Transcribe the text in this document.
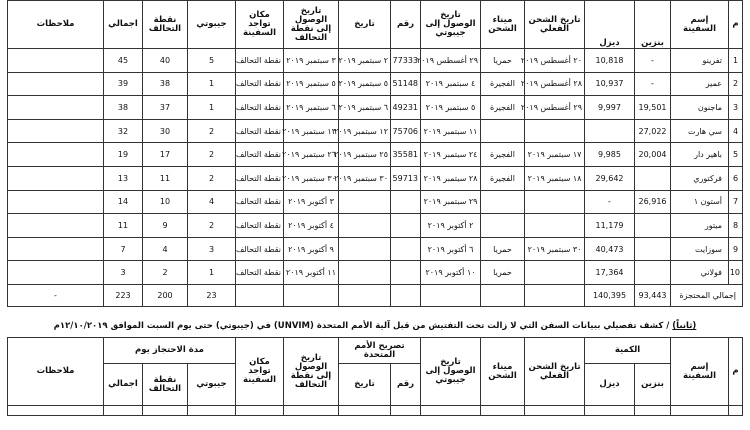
م	إسم السفينة	بنزين	ديزل	تاريخ الشحن الفعلي	ميناء الشحن	تاريخ الوصول إلى جيبوتي	رقم	تاريخ	تاريخ الوصول إلى نقطة التحالف	مكان تواجد السفينة	جيبوتي	نقطة التحالف	اجمالي	ملاحظات
1	تفرينو	-	10,818	٢٠ أغسطس ٢٠١٩	حمريا	٢٩ أغسطس ٢٠١٩	77333	٢ سبتمبر ٢٠١٩	٣ سبتمبر ٢٠١٩	نقطة التحالف	5	40	45	
2	عمير	-	10,937	٢٨ أغسطس ٢٠١٩	الفجيرة	٤ سبتمبر ٢٠١٩	51148	٥ سبتمبر ٢٠١٩	٥ سبتمبر ٢٠١٩	نقطة التحالف	1	38	39	
3	ماجنون	19,501	9,997	٢٩ أغسطس ٢٠١٩	الفجيرة	٥ سبتمبر ٢٠١٩	49231	٦ سبتمبر ٢٠١٩	٦ سبتمبر ٢٠١٩	نقطة التحالف	1	37	38	
4	سي هارت	27,022				١١ سبتمبر ٢٠١٩	75706	١٢ سبتمبر ٢٠١٩	١٣ سبتمبر ٢٠١٩	نقطة التحالف	2	30	32	
5	باهير دار	20,004	9,985	١٧ سبتمبر ٢٠١٩	الفجيرة	٢٤ سبتمبر ٢٠١٩	35581	٢٥ سبتمبر ٢٠١٩	٢٦ سبتمبر ٢٠١٩	نقطة التحالف	2	17	19	
6	فركتوري		29,642	١٨ سبتمبر ٢٠١٩	الفجيرة	٢٨ سبتمبر ٢٠١٩	59713	٣٠ سبتمبر ٢٠١٩	٣٠ سبتمبر ٢٠١٩	نقطة التحالف	2	11	13	
7	أستون ١	26,916	-			٢٩ سبتمبر ٢٠١٩			٣ أكتوبر ٢٠١٩	نقطة التحالف	4	10	14	
8	ميتور		11,179			٢ أكتوبر ٢٠١٩			٤ أكتوبر ٢٠١٩	نقطة التحالف	2	9	11	
9	سوزايت		40,473	٣٠ سبتمبر ٢٠١٩	حمريا	٦ أكتوبر ٢٠١٩			٩ أكتوبر ٢٠١٩	نقطة التحالف	3	4	7	
10	فولاني		17,364		حمريا	١٠ أكتوبر ٢٠١٩			١١ أكتوبر ٢٠١٩	نقطة التحالف	1	2	3	
إجمالي المحتجزة		93,443	140,395								23	200	223	-
(ثانياً) / كشف تفصيلي ببيانات السفن التي لا زالت تحت التفتيش من قبل آلية الأمم المتحدة (UNVIM) في (جيبوتي) حتى يوم السبت الموافق ١٢/١٠/٢٠١٩م
م	إسم السفينة	الكمية		تاريخ الشحن الفعلي	ميناء الشحن	تاريخ الوصول إلى جيبوتي	تصريح الأمم المتحدة		تاريخ الوصول إلى نقطة التحالف	مكان تواجد السفينة	مدة الاحتجاز يوم			ملاحظات
		بنزين	ديزل				رقم	تاريخ			جيبوتي	نقطة التحالف	اجمالي	
